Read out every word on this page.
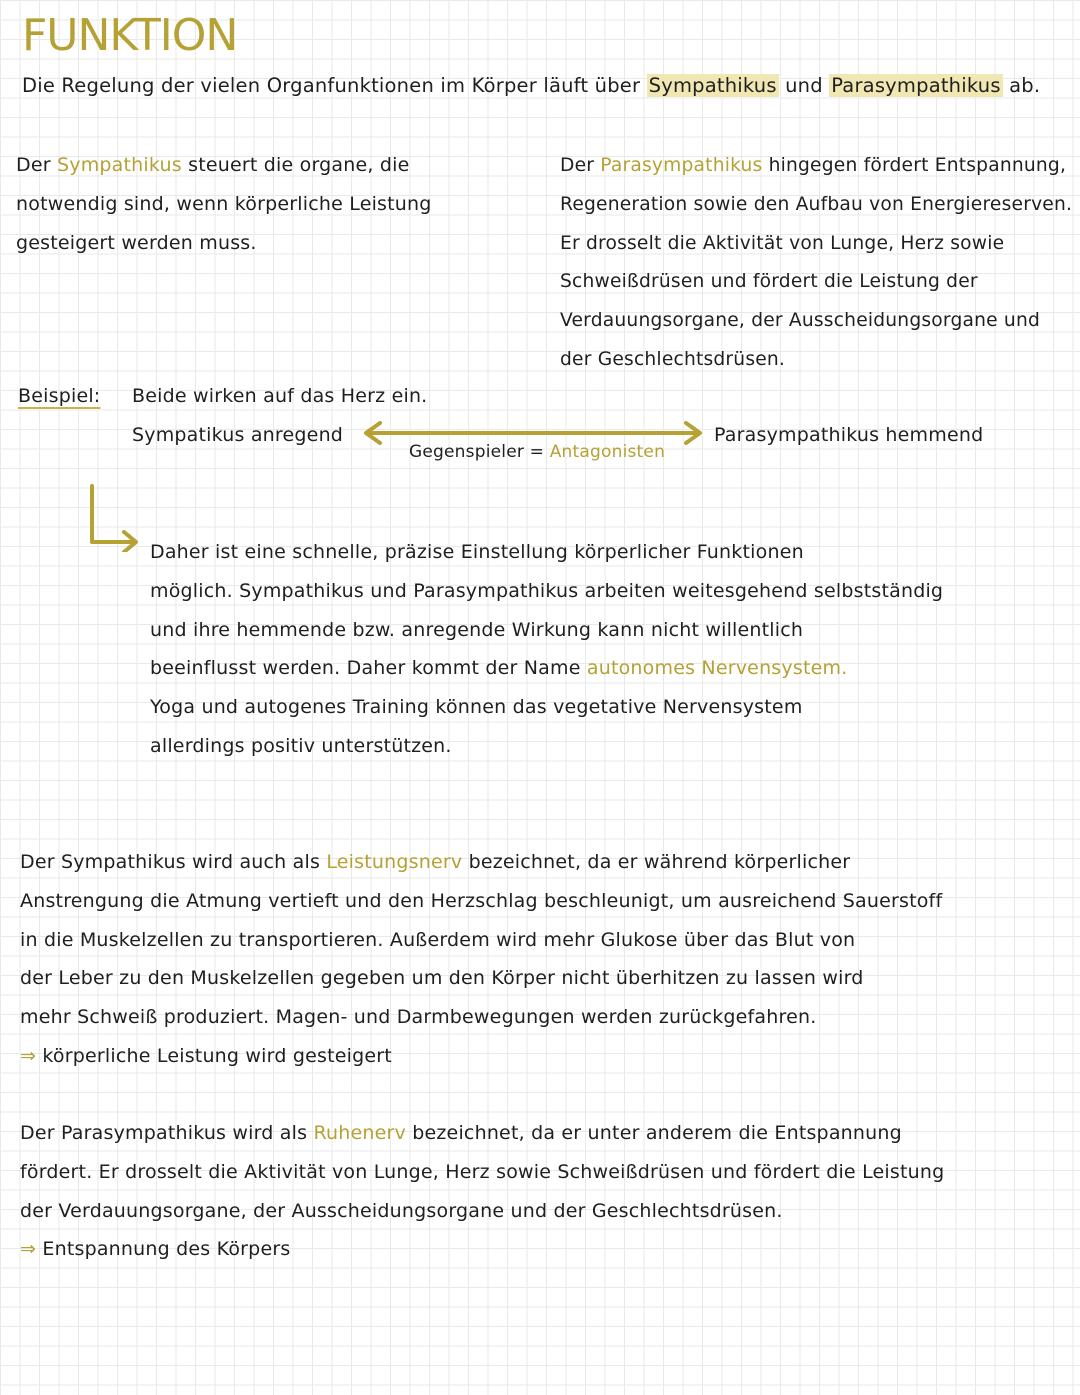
FUNKTION
Die Regelung der vielen Organfunktionen im Körper läuft über Sympathikus und Parasympathikus ab.
Der Sympathikus steuert die organe, die
notwendig sind, wenn körperliche Leistung
gesteigert werden muss.
Der Parasympathikus hingegen fördert Entspannung,
Regeneration sowie den Aufbau von Energiereserven.
Er drosselt die Aktivität von Lunge, Herz sowie
Schweißdrüsen und fördert die Leistung der
Verdauungsorgane, der Ausscheidungsorgane und
der Geschlechtsdrüsen.
Beispiel: Beide wirken auf das Herz ein.
Sympatikus anregend	Parasympathikus hemmend
Gegenspieler = Antagonisten
Daher ist eine schnelle, präzise Einstellung körperlicher Funktionen
möglich. Sympathikus und Parasympathikus arbeiten weitesgehend selbstständig
und ihre hemmende bzw. anregende Wirkung kann nicht willentlich
beeinflusst werden. Daher kommt der Name autonomes Nervensystem.
Yoga und autogenes Training können das vegetative Nervensystem
allerdings positiv unterstützen.
Der Sympathikus wird auch als Leistungsnerv bezeichnet, da er während körperlicher
Anstrengung die Atmung vertieft und den Herzschlag beschleunigt, um ausreichend Sauerstoff
in die Muskelzellen zu transportieren. Außerdem wird mehr Glukose über das Blut von
der Leber zu den Muskelzellen gegeben um den Körper nicht überhitzen zu lassen wird
mehr Schweiß produziert. Magen- und Darmbewegungen werden zurückgefahren.
⇒ körperliche Leistung wird gesteigert
Der Parasympathikus wird als Ruhenerv bezeichnet, da er unter anderem die Entspannung
fördert. Er drosselt die Aktivität von Lunge, Herz sowie Schweißdrüsen und fördert die Leistung
der Verdauungsorgane, der Ausscheidungsorgane und der Geschlechtsdrüsen.
⇒ Entspannung des Körpers
